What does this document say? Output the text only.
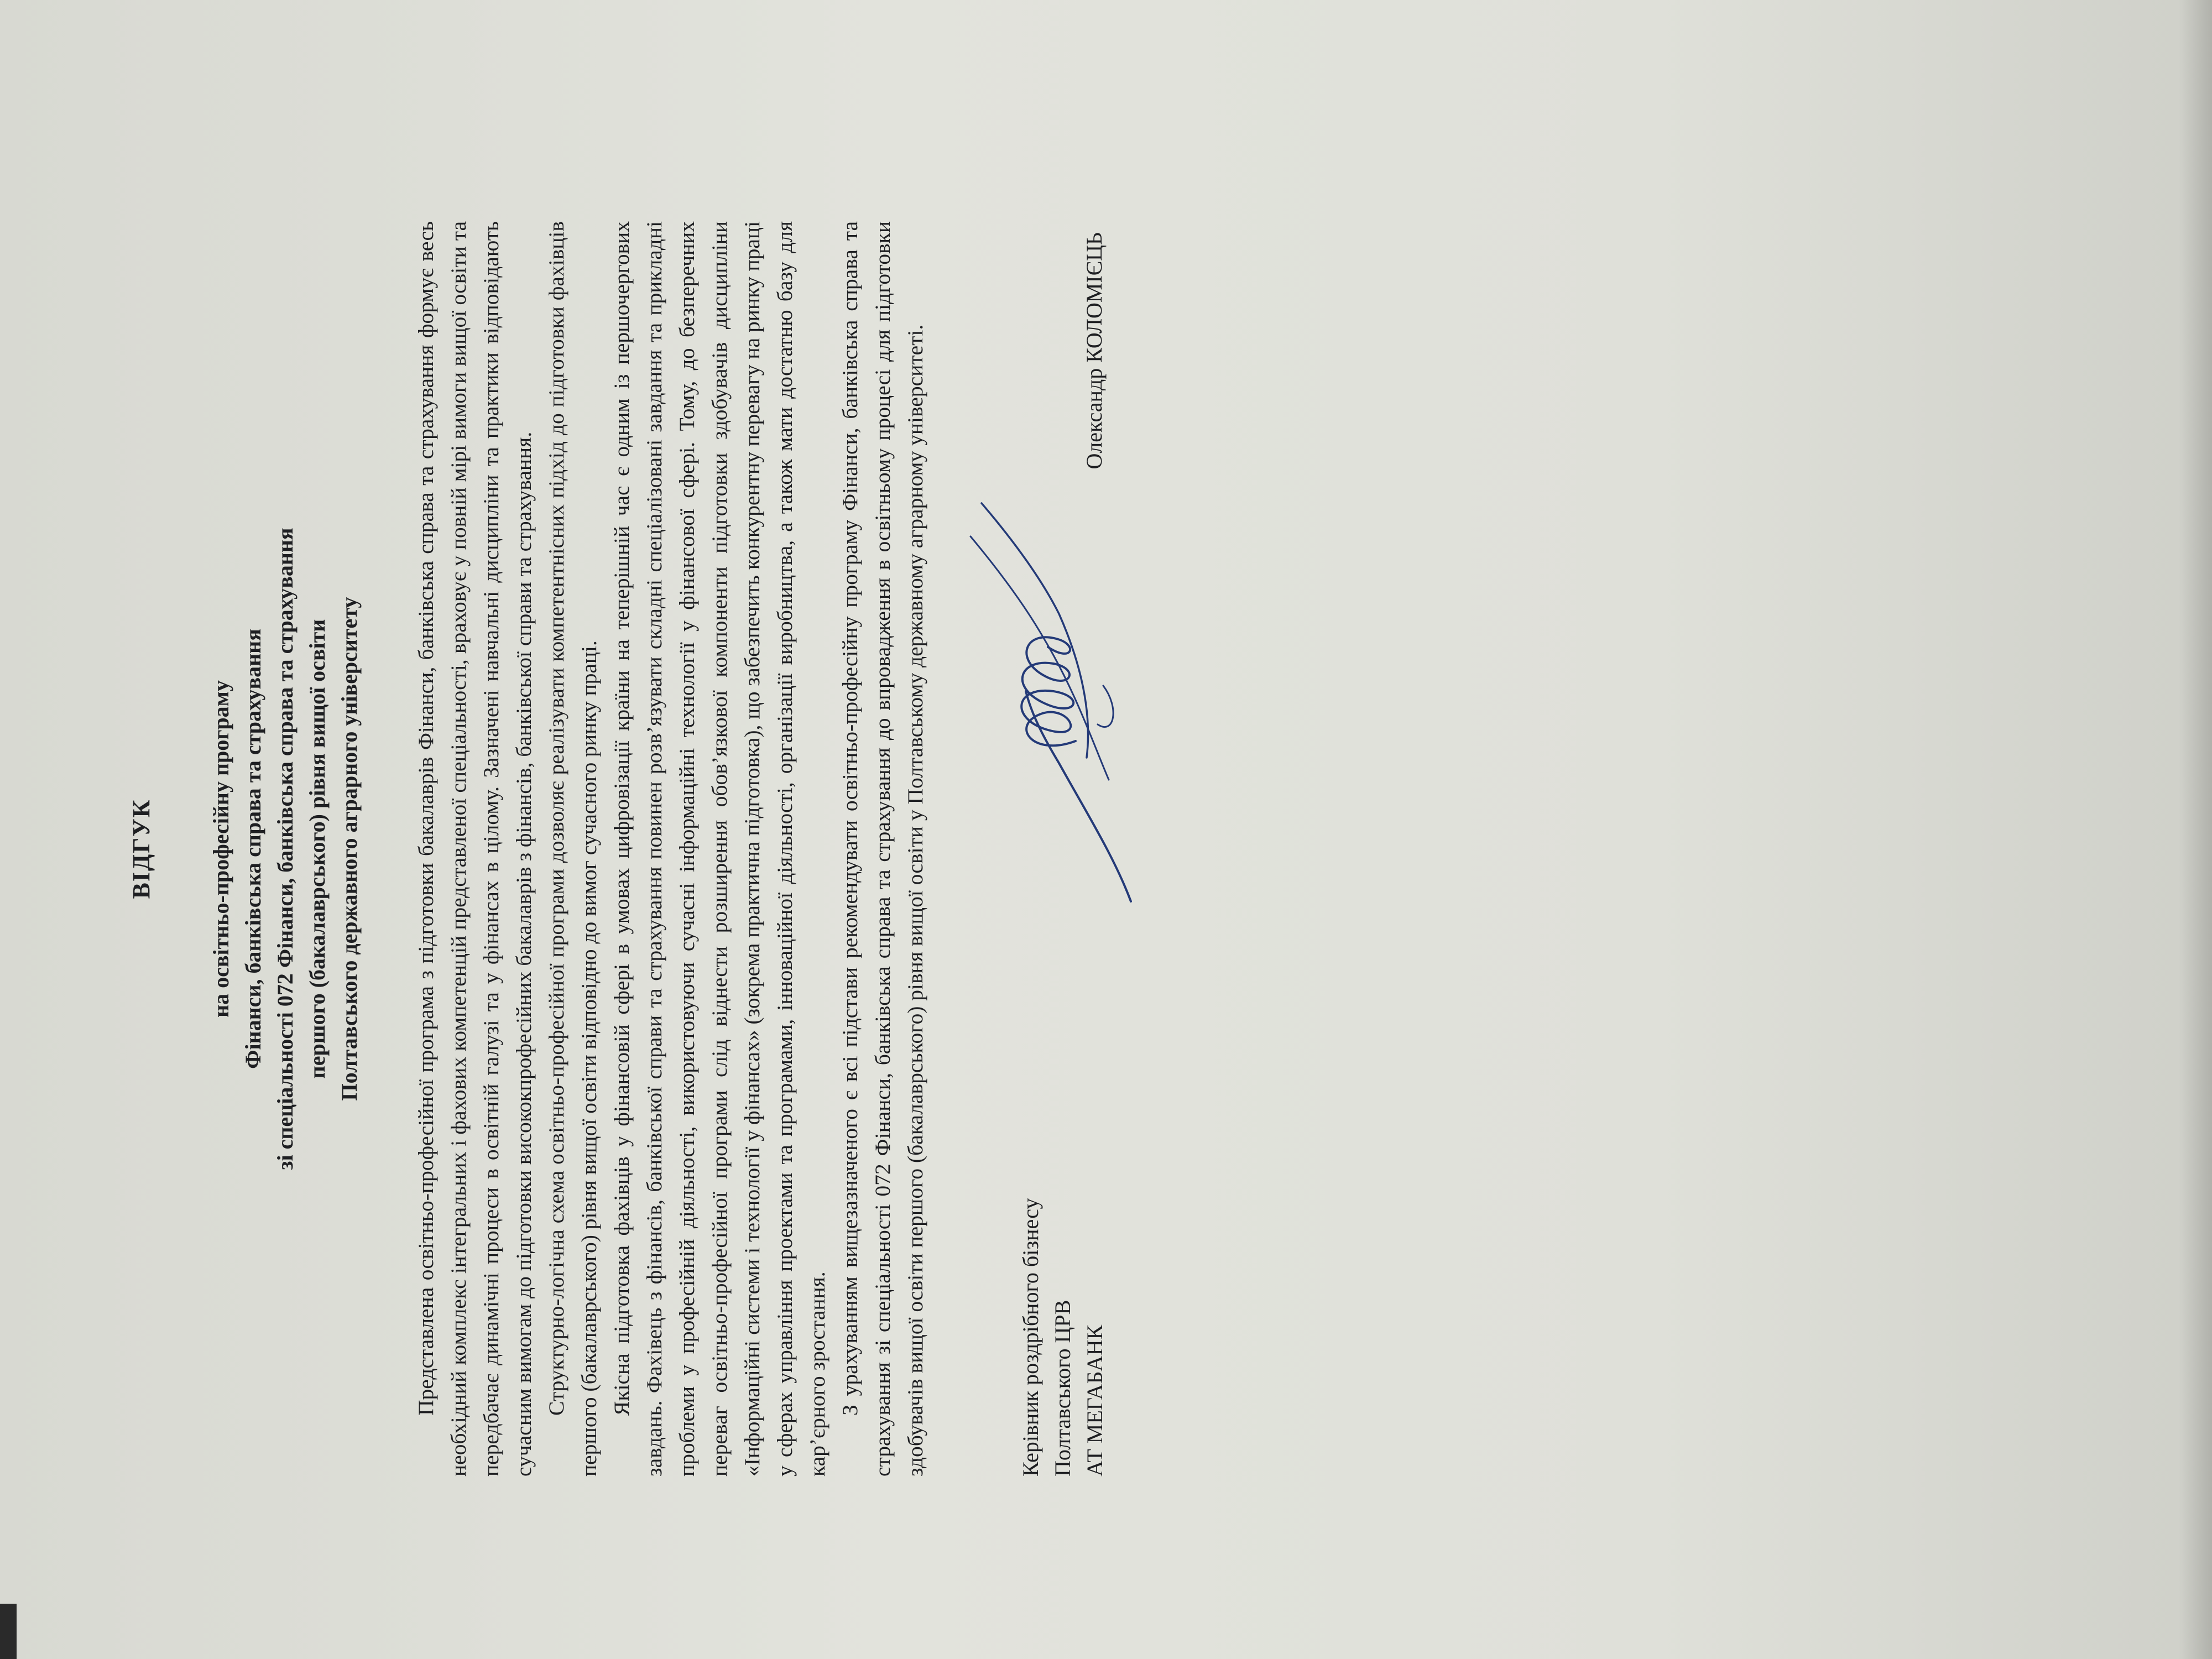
ВІДГУК на освітньо-професійну програму Фінанси, банківська справа та страхування зі спеціальності 072 Фінанси, банківська справа та страхування першого (бакалаврського) рівня вищої освіти Полтавського державного аграрного університету Представлена освітньо-професійної програма з підготовки бакалаврів Фінанси, банківська справа та страхування формує весь необхідний комплекс інтегральних і фахових компетенцій представленої спеціальності, враховує у повній мірі вимоги вищої освіти та передбачає динамічні процеси в освітній галузі та у фінансах в цілому. Зазначені навчальні дисципліни та практики відповідають сучасним вимогам до підготовки висококпрофесійних бакалаврів з фінансів, банківської справи та страхування. Структурно-логічна схема освітньо-професійної програми дозволяє реалізувати компетентнісних підхід до підготовки фахівців першого (бакалаврського) рівня вищої освіти відповідно до вимог сучасного ринку праці. Якісна підготовка фахівців у фінансовій сфері в умовах цифровізації країни на теперішній час є одним із першочергових завдань. Фахівець з фінансів, банківської справи та страхування повинен розв’язувати складні спеціалізовані завдання та прикладні проблеми у професійній діяльності, використовуючи сучасні інформаційні технології у фінансової сфері. Тому, до безперечних переваг освітньо-професійної програми слід віднести розширення обов’язкової компоненти підготовки здобувачів дисципліни «Інформаційні системи і технології у фінансах» (зокрема практична підготовка), що забезпечить конкурентну перевагу на ринку праці у сферах управління проектами та програмами, інноваційної діяльності, організації виробництва, а також мати достатню базу для кар’єрного зростання. З урахуванням вищезазначеного є всі підстави рекомендувати освітньо-професійну програму Фінанси, банківська справа та страхування зі спеціальності 072 Фінанси, банківська справа та страхування до впровадження в освітньому процесі для підготовки здобувачів вищої освіти першого (бакалаврського) рівня вищої освіти у Полтавському державному аграрному університеті.	Керівник роздрібного бізнесу Полтавського ЦРВ АТ МЕГАБАНК
Олександр КОЛОМІЄЦЬ
